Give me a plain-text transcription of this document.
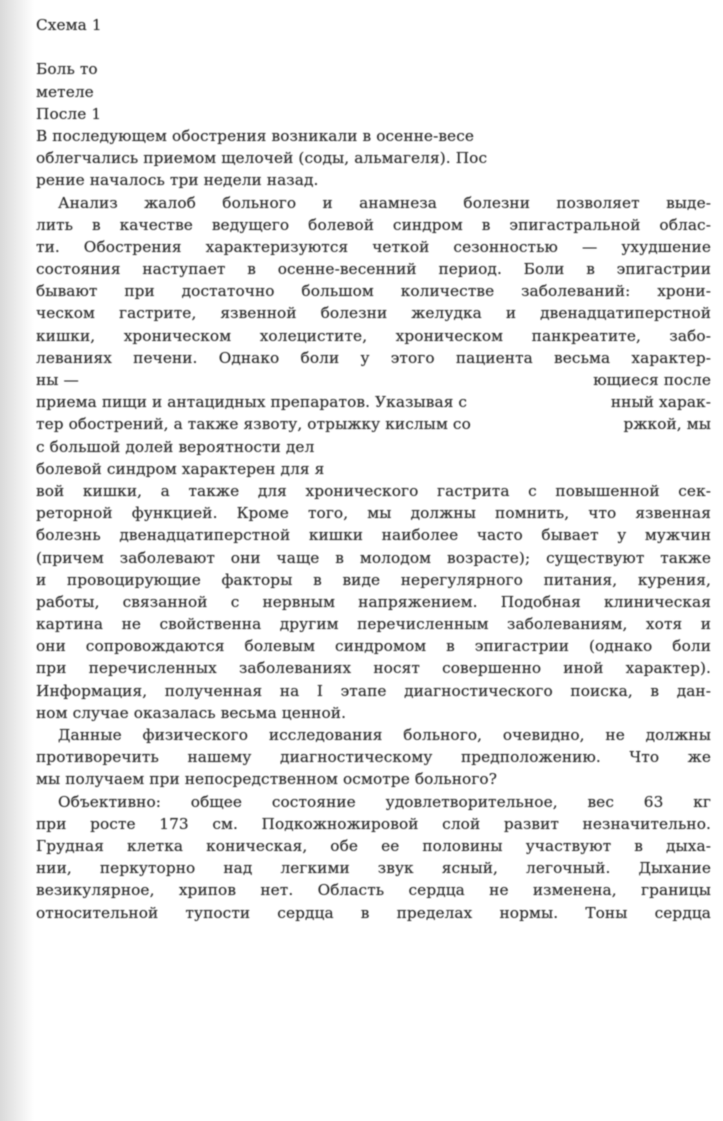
Схема 1
Боль то
метеле
После 1
В последующем обострения возникали в осенне-весе
облегчались приемом щелочей (соды, альмагеля). Пос
рение началось три недели назад.
Анализ жалоб больного и анамнеза болезни позволяет выде-
лить в качестве ведущего болевой синдром в эпигастральной облас-
ти. Обострения характеризуются четкой сезонностью — ухудшение
состояния наступает в осенне-весенний период. Боли в эпигастрии
бывают при достаточно большом количестве заболеваний: хрони-
ческом гастрите, язвенной болезни желудка и двенадцатиперстной
кишки, хроническом холецистите, хроническом панкреатите, забо-
леваниях печени. Однако боли у этого пациента весьма характер-
ны —	ющиеся после
приема пищи и антацидных препаратов. Указывая с	нный харак-
тер обострений, а также язвоту, отрыжку кислым со	ржкой, мы
с большой долей вероятности дел
болевой синдром характерен для я
вой кишки, а также для хронического гастрита с повышенной сек-
реторной функцией. Кроме того, мы должны помнить, что язвенная
болезнь двенадцатиперстной кишки наиболее часто бывает у мужчин
(причем заболевают они чаще в молодом возрасте); существуют также
и провоцирующие факторы в виде нерегулярного питания, курения,
работы, связанной с нервным напряжением. Подобная клиническая
картина не свойственна другим перечисленным заболеваниям, хотя и
они сопровождаются болевым синдромом в эпигастрии (однако боли
при перечисленных заболеваниях носят совершенно иной характер).
Информация, полученная на I этапе диагностического поиска, в дан-
ном случае оказалась весьма ценной.
Данные физического исследования больного, очевидно, не должны
противоречить нашему диагностическому предположению. Что же
мы получаем при непосредственном осмотре больного?
Объективно: общее состояние удовлетворительное, вес 63 кг
при росте 173 см. Подкожножировой слой развит незначительно.
Грудная клетка коническая, обе ее половины участвуют в дыха-
нии, перкуторно над легкими звук ясный, легочный. Дыхание
везикулярное, хрипов нет. Область сердца не изменена, границы
относительной тупости сердца в пределах нормы. Тоны сердца
